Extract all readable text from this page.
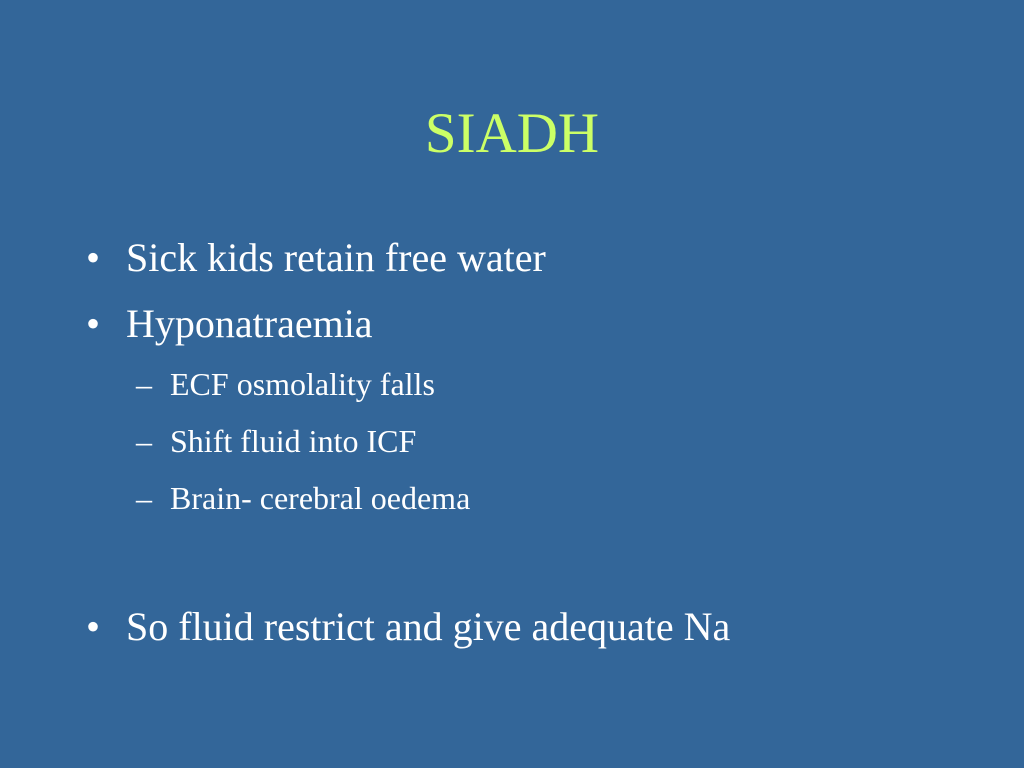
SIADH
• Sick kids retain free water
• Hyponatraemia
– ECF osmolality falls
– Shift fluid into ICF
– Brain- cerebral oedema
• So fluid restrict and give adequate Na
